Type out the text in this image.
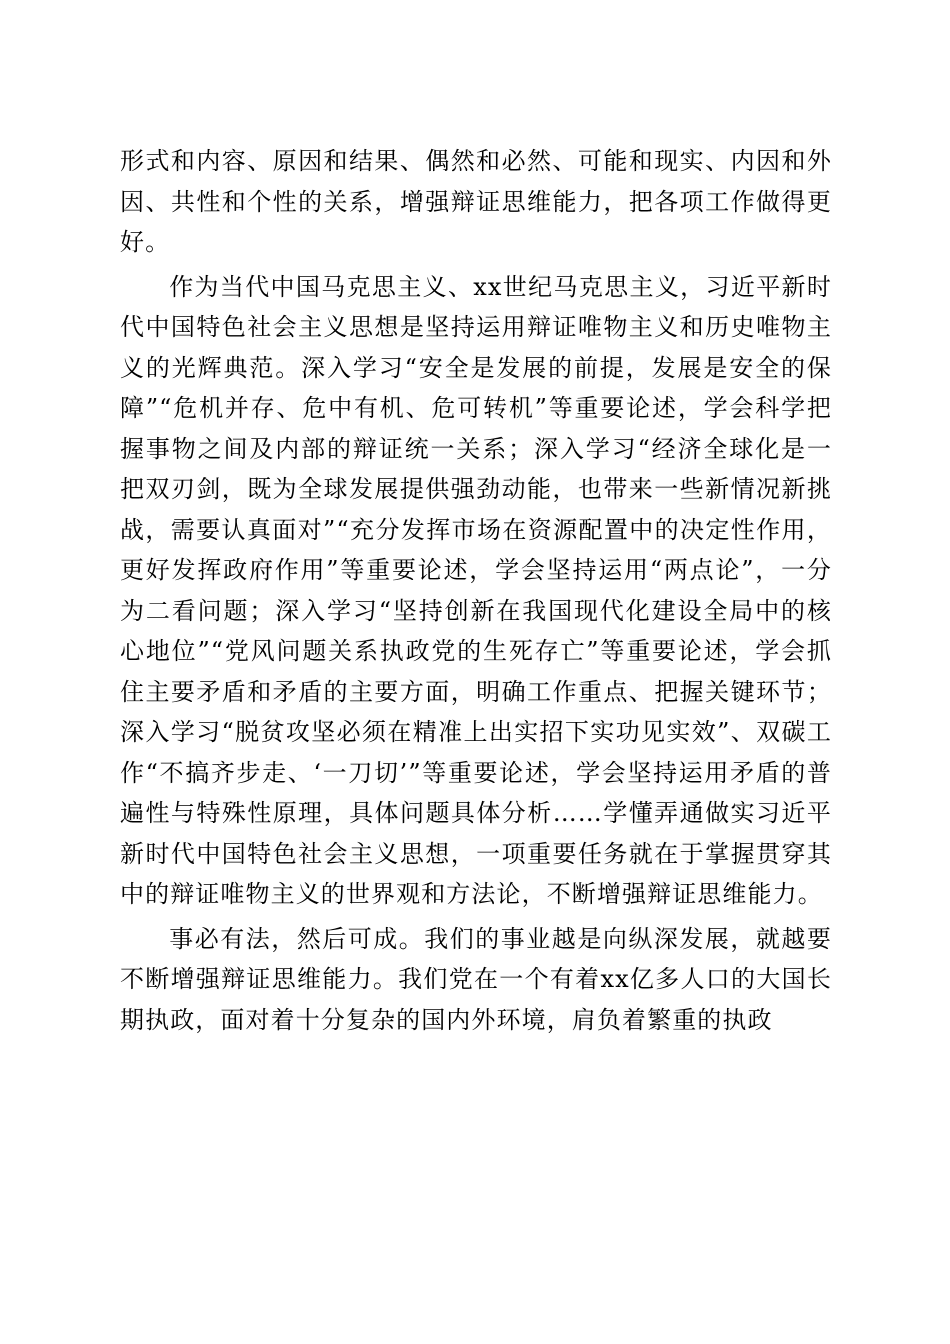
形式和内容、原因和结果、偶然和必然、可能和现实、内因和外因、共性和个性的关系，增强辩证思维能力，把各项工作做得更好。

作为当代中国马克思主义、xx世纪马克思主义，习近平新时代中国特色社会主义思想是坚持运用辩证唯物主义和历史唯物主义的光辉典范。深入学习“安全是发展的前提，发展是安全的保障”“危机并存、危中有机、危可转机”等重要论述，学会科学把握事物之间及内部的辩证统一关系；深入学习“经济全球化是一把双刃剑，既为全球发展提供强劲动能，也带来一些新情况新挑战，需要认真面对”“充分发挥市场在资源配置中的决定性作用，更好发挥政府作用”等重要论述，学会坚持运用“两点论”，一分为二看问题；深入学习“坚持创新在我国现代化建设全局中的核心地位”“党风问题关系执政党的生死存亡”等重要论述，学会抓住主要矛盾和矛盾的主要方面，明确工作重点、把握关键环节；深入学习“脱贫攻坚必须在精准上出实招下实功见实效”、双碳工作“不搞齐步走、‘一刀切’”等重要论述，学会坚持运用矛盾的普遍性与特殊性原理，具体问题具体分析……学懂弄通做实习近平新时代中国特色社会主义思想，一项重要任务就在于掌握贯穿其中的辩证唯物主义的世界观和方法论，不断增强辩证思维能力。

事必有法，然后可成。我们的事业越是向纵深发展，就越要不断增强辩证思维能力。我们党在一个有着xx亿多人口的大国长期执政，面对着十分复杂的国内外环境，肩负着繁重的执政
